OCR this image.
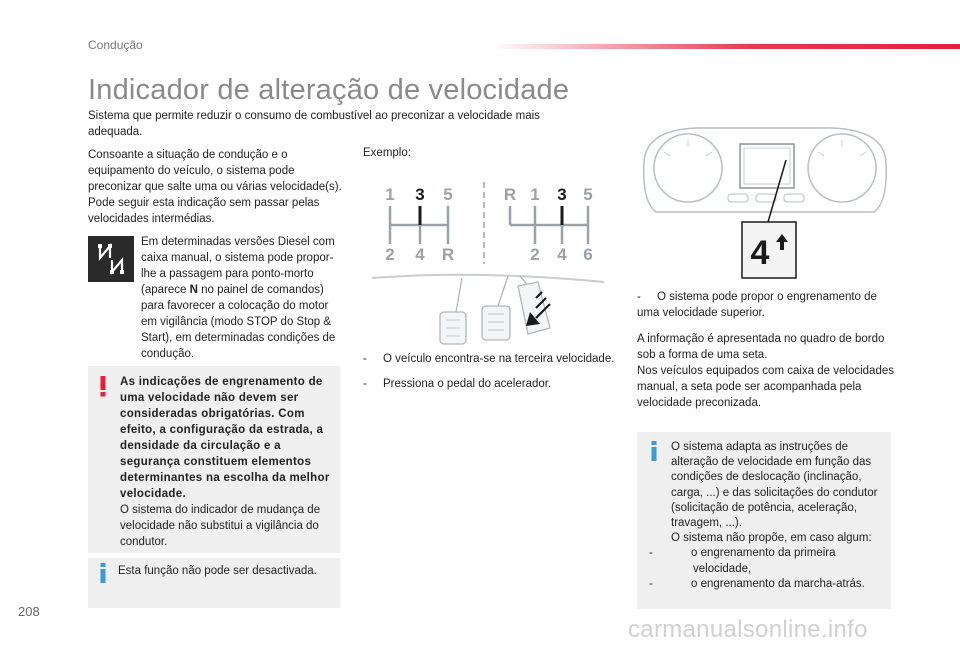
Condução
Indicador de alteração de velocidade
Sistema que permite reduzir o consumo de combustível ao preconizar a velocidade mais adequada.
Consoante a situação de condução e o equipamento do veículo, o sistema pode preconizar que salte uma ou várias velocidade(s). Pode seguir esta indicação sem passar pelas velocidades intermédias.
Em determinadas versões Diesel com caixa manual, o sistema pode propor-lhe a passagem para ponto-morto (aparece N no painel de comandos) para favorecer a colocação do motor em vigilância (modo STOP do Stop & Start), em determinadas condições de condução.
As indicações de engrenamento de uma velocidade não devem ser consideradas obrigatórias. Com efeito, a configuração da estrada, a densidade da circulação e a segurança constituem elementos determinantes na escolha da melhor velocidade.
O sistema do indicador de mudança de velocidade não substitui a vigilância do condutor.
Esta função não pode ser desactivada.
Exemplo:
1 3 5
2 4 R
R 1 3 5
2 4 6
- O veículo encontra-se na terceira velocidade.
- Pressiona o pedal do acelerador.
4
- O sistema pode propor o engrenamento de uma velocidade superior.
A informação é apresentada no quadro de bordo sob a forma de uma seta.
Nos veículos equipados com caixa de velocidades manual, a seta pode ser acompanhada pela velocidade preconizada.
O sistema adapta as instruções de alteração de velocidade em função das condições de deslocação (inclinação, carga, ...) e das solicitações do condutor (solicitação de potência, aceleração, travagem, ...).
O sistema não propõe, em caso algum:
-	o engrenamento da primeira velocidade,
-	o engrenamento da marcha-atrás.
208
carmanualsonline.info
